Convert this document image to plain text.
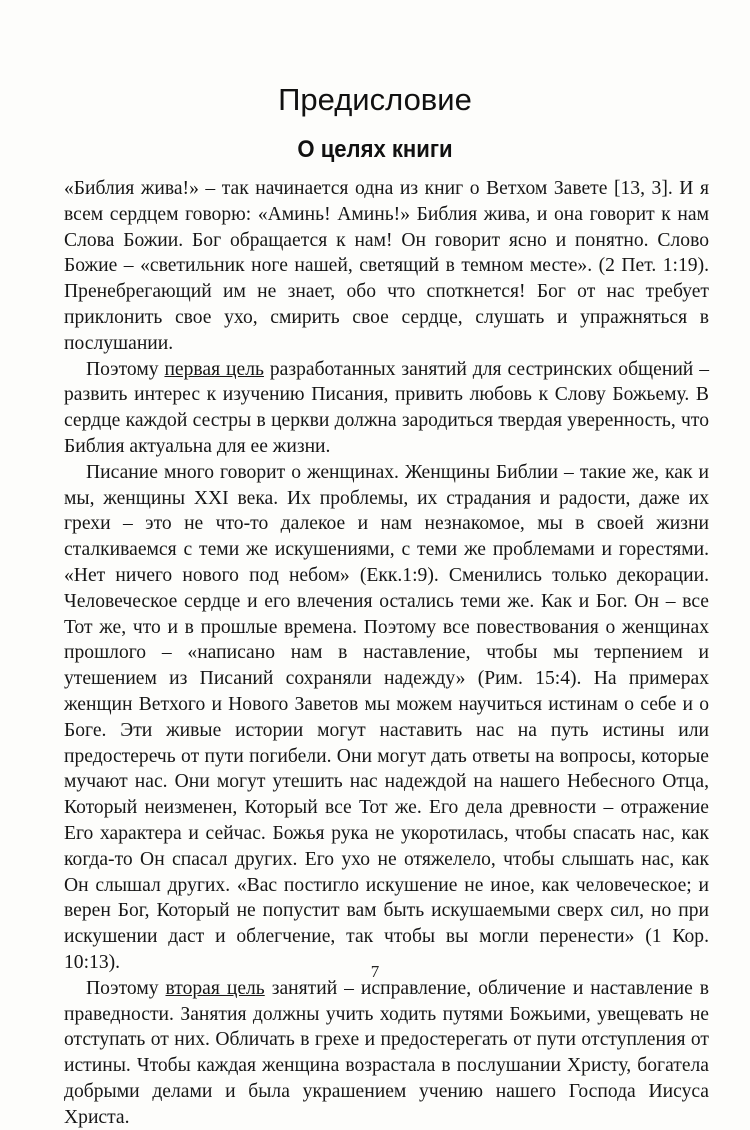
Предисловие
О целях книги

«Библия жива!» – так начинается одна из книг о Ветхом Завете [13, 3]. И я всем сердцем говорю: «Аминь! Аминь!» Библия жива, и она говорит к нам Слова Божии. Бог обращается к нам! Он говорит ясно и понятно. Слово Божие – «светильник ноге нашей, светящий в темном месте». (2 Пет. 1:19). Пренебрегающий им не знает, обо что споткнется! Бог от нас требует приклонить свое ухо, смирить свое сердце, слушать и упражняться в послушании.

Поэтому первая цель разработанных занятий для сестринских общений – развить интерес к изучению Писания, привить любовь к Слову Божьему. В сердце каждой сестры в церкви должна зародиться твердая уверенность, что Библия актуальна для ее жизни.

Писание много говорит о женщинах. Женщины Библии – такие же, как и мы, женщины XXI века. Их проблемы, их страдания и радости, даже их грехи – это не что-то далекое и нам незнакомое, мы в своей жизни сталкиваемся с теми же искушениями, с теми же проблемами и горестями. «Нет ничего нового под небом» (Екк.1:9). Сменились только декорации. Человеческое сердце и его влечения остались теми же. Как и Бог. Он – все Тот же, что и в прошлые времена. Поэтому все повествования о женщинах прошлого – «написано нам в наставление, чтобы мы терпением и утешением из Писаний сохраняли надежду» (Рим. 15:4). На примерах женщин Ветхого и Нового Заветов мы можем научиться истинам о себе и о Боге. Эти живые истории могут наставить нас на путь истины или предостеречь от пути погибели. Они могут дать ответы на вопросы, которые мучают нас. Они могут утешить нас надеждой на нашего Небесного Отца, Который неизменен, Который все Тот же. Его дела древности – отражение Его характера и сейчас. Божья рука не укоротилась, чтобы спасать нас, как когда-то Он спасал других. Его ухо не отяжелело, чтобы слышать нас, как Он слышал других. «Вас постигло искушение не иное, как человеческое; и верен Бог, Который не попустит вам быть искушаемыми сверх сил, но при искушении даст и облегчение, так чтобы вы могли перенести» (1 Кор. 10:13).

Поэтому вторая цель занятий – исправление, обличение и наставление в праведности. Занятия должны учить ходить путями Божьими, увещевать не отступать от них. Обличать в грехе и предостерегать от пути отступления от истины. Чтобы каждая женщина возрастала в послушании Христу, богатела добрыми делами и была украшением учению нашего Господа Иисуса Христа.

7
